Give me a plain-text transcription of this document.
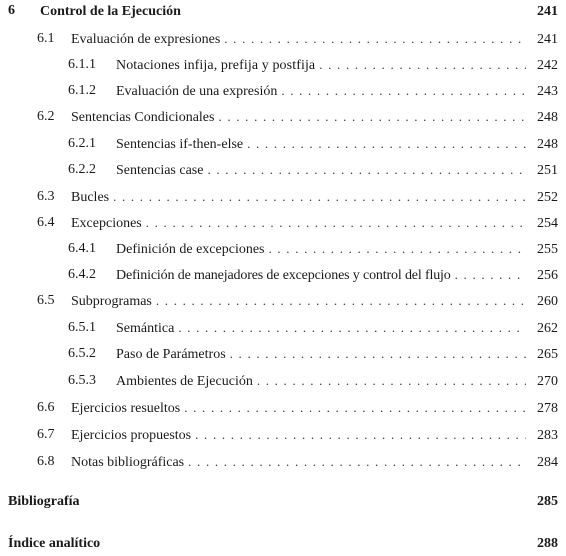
6 Control de la Ejecución	241
6.1 Evaluación de expresiones . . .	241
6.1.1 Notaciones infija, prefija y postfija . . .	242
6.1.2 Evaluación de una expresión . . .	243
6.2 Sentencias Condicionales . . .	248
6.2.1 Sentencias if-then-else . . .	248
6.2.2 Sentencias case . . .	251
6.3 Bucles . . .	252
6.4 Excepciones . . .	254
6.4.1 Definición de excepciones . . .	255
6.4.2 Definición de manejadores de excepciones y control del flujo . . .	256
6.5 Subprogramas . . .	260
6.5.1 Semántica . . .	262
6.5.2 Paso de Parámetros . . .	265
6.5.3 Ambientes de Ejecución . . .	270
6.6 Ejercicios resueltos . . .	278
6.7 Ejercicios propuestos . . .	283
6.8 Notas bibliográficas . . .	284
Bibliografía	285
Índice analítico	288
